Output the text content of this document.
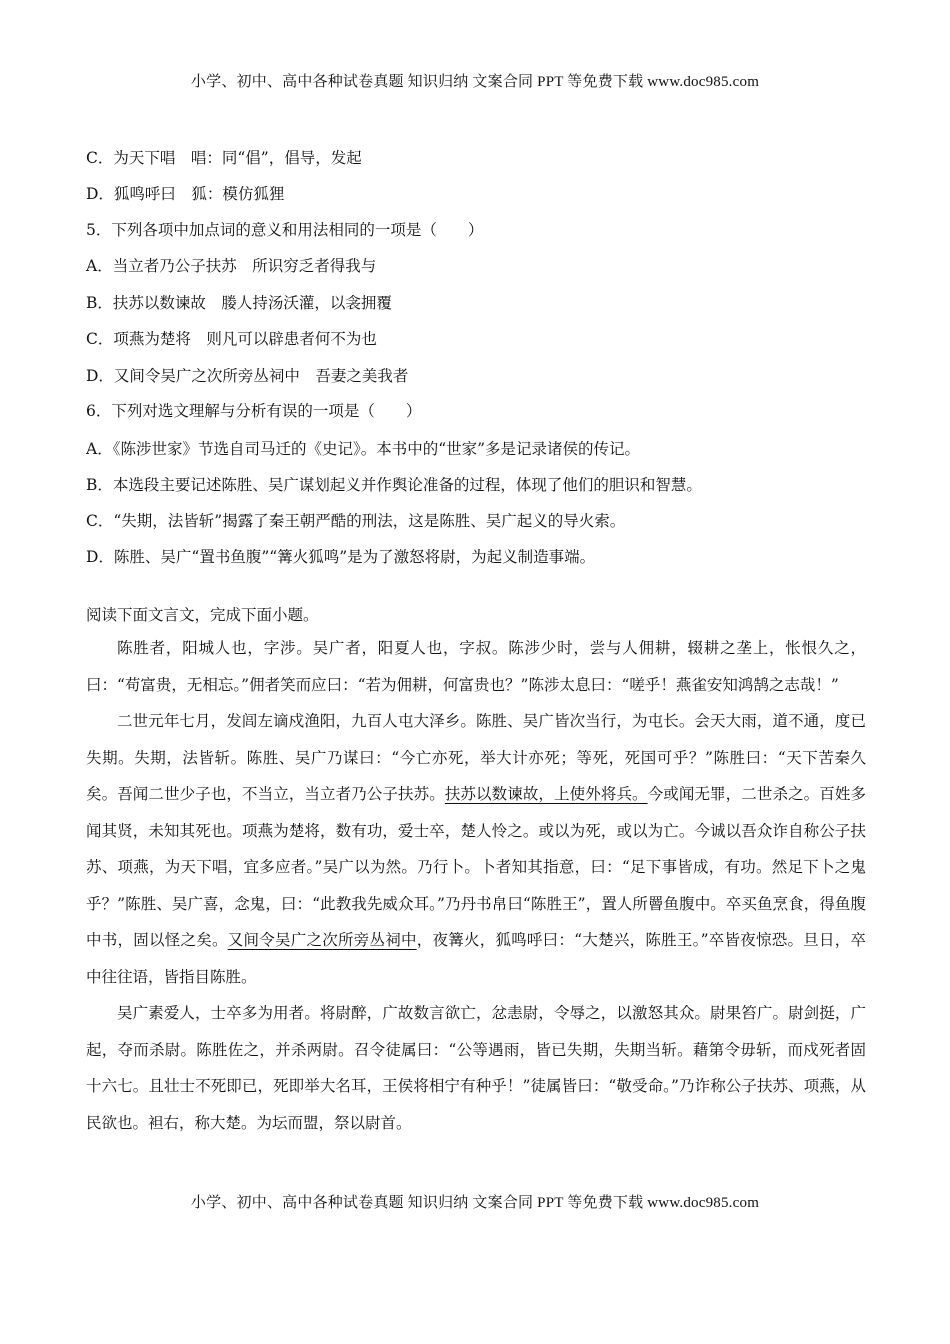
小学、初中、高中各种试卷真题 知识归纳 文案合同 PPT 等免费下载 www.doc985.com
C．为天下唱　唱：同“倡”，倡导，发起
D．狐鸣呼曰　狐：模仿狐狸
5．下列各项中加点词的意义和用法相同的一项是（　　）
A．当立者乃公子扶苏　所识穷乏者得我与
B．扶苏以数谏故　媵人持汤沃灌，以衾拥覆
C．项燕为楚将　则凡可以辟患者何不为也
D．又间令吴广之次所旁丛祠中　吾妻之美我者
6．下列对选文理解与分析有误的一项是（　　）
A．《陈涉世家》节选自司马迁的《史记》。本书中的“世家”多是记录诸侯的传记。
B．本选段主要记述陈胜、吴广谋划起义并作舆论准备的过程，体现了他们的胆识和智慧。
C．“失期，法皆斩”揭露了秦王朝严酷的刑法，这是陈胜、吴广起义的导火索。
D．陈胜、吴广“置书鱼腹”“篝火狐鸣”是为了激怒将尉，为起义制造事端。
阅读下面文言文，完成下面小题。

陈胜者，阳城人也，字涉。吴广者，阳夏人也，字叔。陈涉少时，尝与人佣耕，辍耕之垄上，怅恨久之，曰：“苟富贵，无相忘。”佣者笑而应曰：“若为佣耕，何富贵也？”陈涉太息曰：“嗟乎！燕雀安知鸿鹄之志哉！”

二世元年七月，发闾左谪戍渔阳，九百人屯大泽乡。陈胜、吴广皆次当行，为屯长。会天大雨，道不通，度已失期。失期，法皆斩。陈胜、吴广乃谋曰：“今亡亦死，举大计亦死；等死，死国可乎？”陈胜曰：“天下苦秦久矣。吾闻二世少子也，不当立，当立者乃公子扶苏。扶苏以数谏故，上使外将兵。今或闻无罪，二世杀之。百姓多闻其贤，未知其死也。项燕为楚将，数有功，爱士卒，楚人怜之。或以为死，或以为亡。今诚以吾众诈自称公子扶苏、项燕，为天下唱，宜多应者。”吴广以为然。乃行卜。卜者知其指意，曰：“足下事皆成，有功。然足下卜之鬼乎？”陈胜、吴广喜，念鬼，曰：“此教我先威众耳。”乃丹书帛曰“陈胜王”，置人所罾鱼腹中。卒买鱼烹食，得鱼腹中书，固以怪之矣。又间令吴广之次所旁丛祠中，夜篝火，狐鸣呼曰：“大楚兴，陈胜王。”卒皆夜惊恐。旦日，卒中往往语，皆指目陈胜。

吴广素爱人，士卒多为用者。将尉醉，广故数言欲亡，忿恚尉，令辱之，以激怒其众。尉果笞广。尉剑挺，广起，夺而杀尉。陈胜佐之，并杀两尉。召令徒属曰：“公等遇雨，皆已失期，失期当斩。藉第令毋斩，而戍死者固十六七。且壮士不死即已，死即举大名耳，王侯将相宁有种乎！”徒属皆曰：“敬受命。”乃诈称公子扶苏、项燕，从民欲也。袒右，称大楚。为坛而盟，祭以尉首。

小学、初中、高中各种试卷真题 知识归纳 文案合同 PPT 等免费下载 www.doc985.com
